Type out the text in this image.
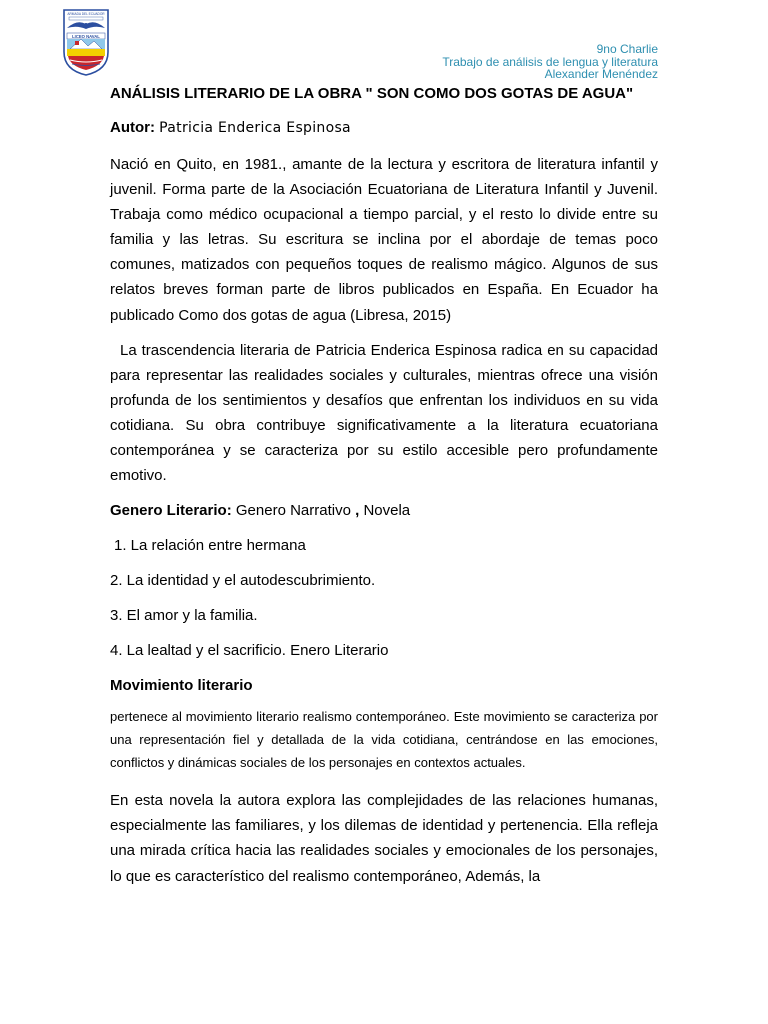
ARMADA DEL ECUADOR
LICEO NAVAL
9no Charlie
Trabajo de análisis de lengua y literatura
Alexander Menéndez
ANÁLISIS LITERARIO DE LA OBRA " SON COMO DOS GOTAS DE AGUA"
Autor: Patricia Enderica Espinosa

Nació en Quito, en 1981., amante de la lectura y escritora de literatura infantil y juvenil. Forma parte de la Asociación Ecuatoriana de Literatura Infantil y Juvenil. Trabaja como médico ocupacional a tiempo parcial, y el resto lo divide entre su familia y las letras. Su escritura se inclina por el abordaje de temas poco comunes, matizados con pequeños toques de realismo mágico. Algunos de sus relatos breves forman parte de libros publicados en España. En Ecuador ha publicado Como dos gotas de agua (Libresa, 2015)

La trascendencia literaria de Patricia Enderica Espinosa radica en su capacidad para representar las realidades sociales y culturales, mientras ofrece una visión profunda de los sentimientos y desafíos que enfrentan los individuos en su vida cotidiana. Su obra contribuye significativamente a la literatura ecuatoriana contemporánea y se caracteriza por su estilo accesible pero profundamente emotivo.

Genero Literario: Genero Narrativo , Novela
1. La relación entre hermana
2. La identidad y el autodescubrimiento.
3. El amor y la familia.
4. La lealtad y el sacrificio. Enero Literario
Movimiento literario

pertenece al movimiento literario realismo contemporáneo. Este movimiento se caracteriza por una representación fiel y detallada de la vida cotidiana, centrándose en las emociones, conflictos y dinámicas sociales de los personajes en contextos actuales.

En esta novela la autora explora las complejidades de las relaciones humanas, especialmente las familiares, y los dilemas de identidad y pertenencia. Ella refleja una mirada crítica hacia las realidades sociales y emocionales de los personajes, lo que es característico del realismo contemporáneo, Además, la
